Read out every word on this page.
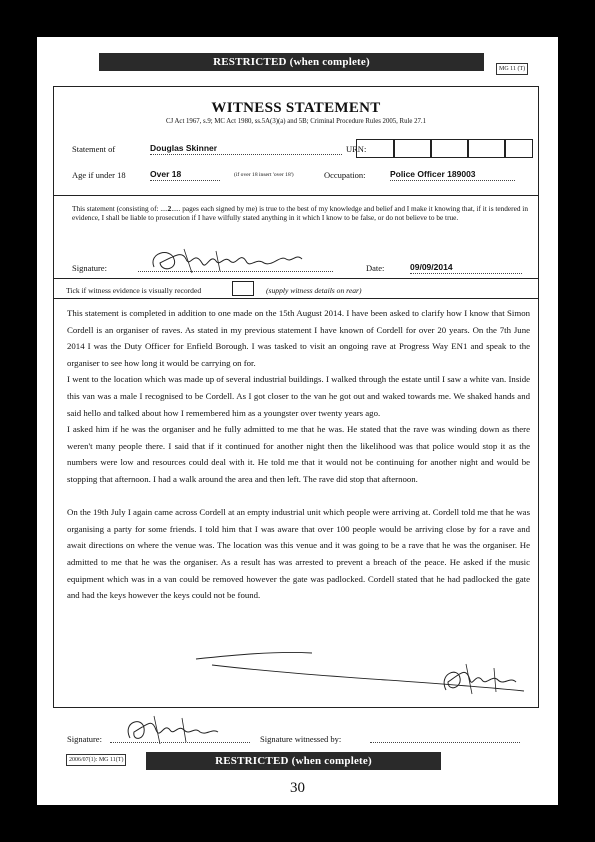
RESTRICTED (when complete)
MG 11 (T)
WITNESS STATEMENT
CJ Act 1967, s.9; MC Act 1980, ss.5A(3)(a) and 5B; Criminal Procedure Rules 2005, Rule 27.1
Statement of	Douglas Skinner	URN:
Age if under 18	Over 18	(if over 18 insert 'over 18')	Occupation:	Police Officer 189003
This statement (consisting of: ....2..... pages each signed by me) is true to the best of my knowledge and belief and I make it knowing that, if it is tendered in evidence, I shall be liable to prosecution if I have wilfully stated anything in it which I know to be false, or do not believe to be true.
Signature:	Date:	09/09/2014
Tick if witness evidence is visually recorded	(supply witness details on rear)

This statement is completed in addition to one made on the 15th August 2014. I have been asked to clarify how I know that Simon Cordell is an organiser of raves. As stated in my previous statement I have known of Cordell for over 20 years. On the 7th June 2014 I was the Duty Officer for Enfield Borough. I was tasked to visit an ongoing rave at Progress Way EN1 and speak to the organiser to see how long it would be carrying on for.

I went to the location which was made up of several industrial buildings. I walked through the estate until I saw a white van. Inside this van was a male I recognised to be Cordell. As I got closer to the van he got out and waked towards me. We shaked hands and said hello and talked about how I remembered him as a youngster over twenty years ago.

I asked him if he was the organiser and he fully admitted to me that he was. He stated that the rave was winding down as there weren't many people there. I said that if it continued for another night then the likelihood was that police would stop it as the numbers were low and resources could deal with it. He told me that it would not be continuing for another night and would be stopping that afternoon. I had a walk around the area and then left. The rave did stop that afternoon.

On the 19th July I again came across Cordell at an empty industrial unit which people were arriving at. Cordell told me that he was organising a party for some friends. I told him that I was aware that over 100 people would be arriving close by for a rave and await directions on where the venue was. The location was this venue and it was going to be a rave that he was the organiser. He admitted to me that he was the organiser. As a result has was arrested to prevent a breach of the peace. He asked if the music equipment which was in a van could be removed however the gate was padlocked. Cordell stated that he had padlocked the gate and had the keys however the keys could not be found.

Signature:	Signature witnessed by:
2006/07(1): MG 11(T)	RESTRICTED (when complete)
30
